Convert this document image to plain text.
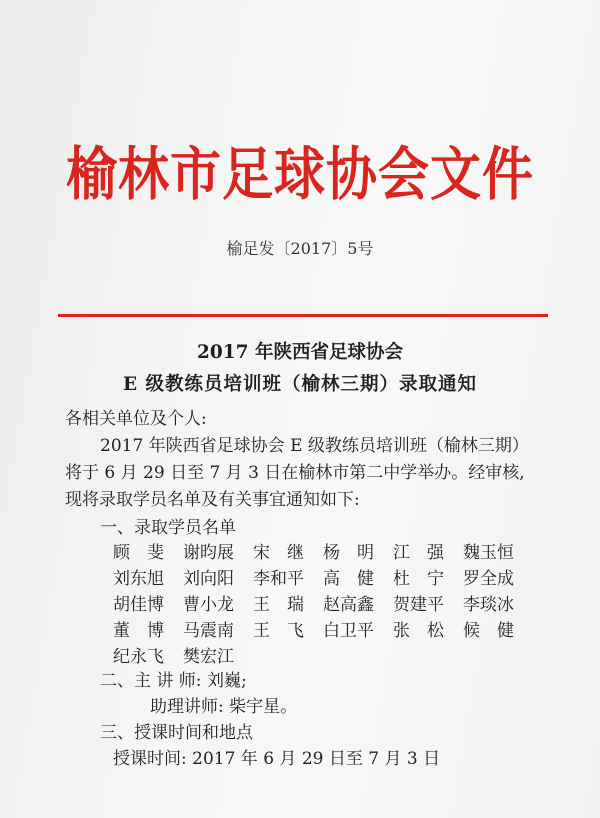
榆林市足球协会文件
榆足发〔2017〕5号
2017 年陕西省足球协会
E 级教练员培训班（榆林三期）录取通知
各相关单位及个人:
2017 年陕西省足球协会 E 级教练员培训班（榆林三期）
将于 6 月 29 日至 7 月 3 日在榆林市第二中学举办。经审核,
现将录取学员名单及有关事宜通知如下:
一、录取学员名单
顾　斐 谢昀展 宋　继 杨　明 江　强 魏玉恒
刘东旭 刘向阳 李和平 高　健 杜　宁 罗全成
胡佳博 曹小龙 王　瑞 赵高鑫 贺建平 李琰冰
董　博 马震南 王　飞 白卫平 张　松 候　健
纪永飞 樊宏江
二、主 讲 师: 刘巍;
助理讲师: 柴宇星。
三、授课时间和地点
授课时间: 2017 年 6 月 29 日至 7 月 3 日
